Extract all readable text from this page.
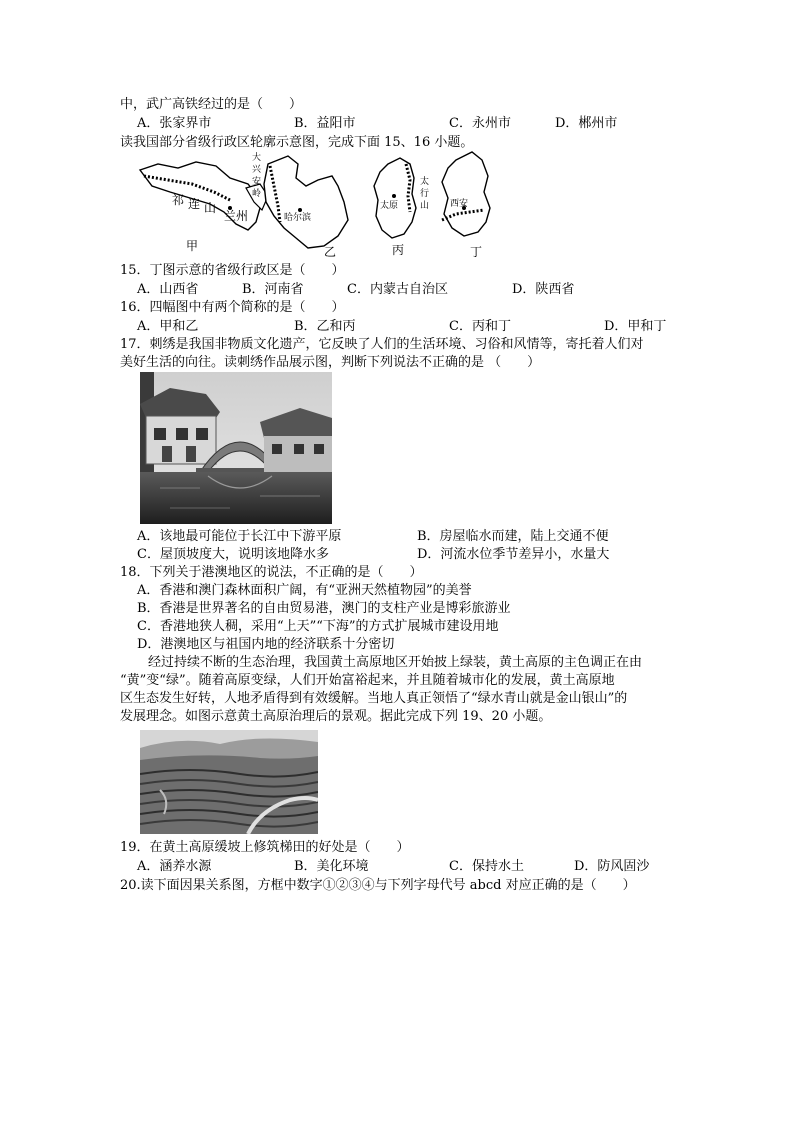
中，武广高铁经过的是（　　）
A．张家界市	B．益阳市	C．永州市	D．郴州市
读我国部分省级行政区轮廓示意图，完成下面 15、16 小题。
祁 连 山
兰州
甲
大
兴
安
岭
哈尔滨
乙
太
行
山
太原
丙
西安
丁
15．丁图示意的省级行政区是（　　）
A．山西省	B．河南省	C．内蒙古自治区	D．陕西省
16．四幅图中有两个简称的是（　　）
A．甲和乙	B．乙和丙	C．丙和丁	D．甲和丁
17．刺绣是我国非物质文化遗产，它反映了人们的生活环境、习俗和风情等，寄托着人们对
美好生活的向往。读刺绣作品展示图，判断下列说法不正确的是 （　　）
A．该地最可能位于长江中下游平原	B．房屋临水而建，陆上交通不便
C．屋顶坡度大，说明该地降水多	D．河流水位季节差异小，水量大
18．下列关于港澳地区的说法，不正确的是（　　）
A．香港和澳门森林面积广阔，有“亚洲天然植物园”的美誉
B．香港是世界著名的自由贸易港，澳门的支柱产业是博彩旅游业
C．香港地狭人稠，采用“上天”“下海”的方式扩展城市建设用地
D．港澳地区与祖国内地的经济联系十分密切
经过持续不断的生态治理，我国黄土高原地区开始披上绿装，黄土高原的主色调正在由
“黄”变“绿”。随着高原变绿，人们开始富裕起来，并且随着城市化的发展，黄土高原地
区生态发生好转，人地矛盾得到有效缓解。当地人真正领悟了“绿水青山就是金山银山”的
发展理念。如图示意黄土高原治理后的景观。据此完成下列 19、20 小题。
19．在黄土高原缓坡上修筑梯田的好处是（　　）
A．涵养水源	B．美化环境	C．保持水土	D．防风固沙
20.读下面因果关系图，方框中数字①②③④与下列字母代号 abcd 对应正确的是（　　）
